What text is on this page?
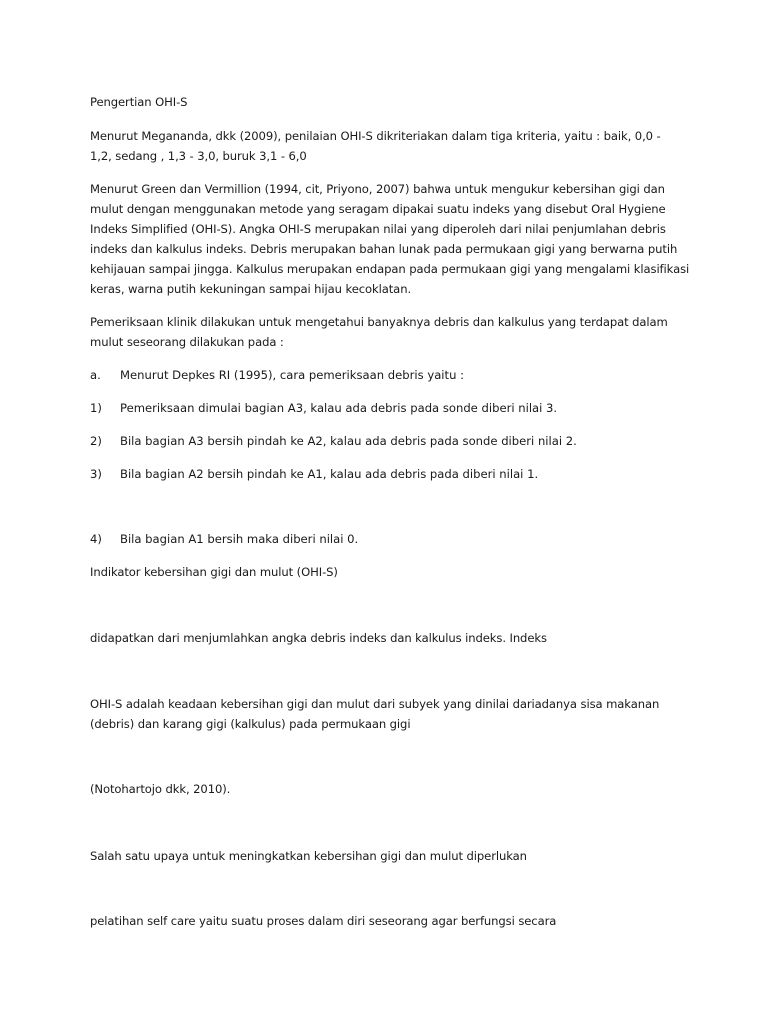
Pengertian OHI-S
Menurut Megananda, dkk (2009), penilaian OHI-S dikriteriakan dalam tiga kriteria, yaitu : baik, 0,0 -
1,2, sedang , 1,3 - 3,0, buruk 3,1 - 6,0
Menurut Green dan Vermillion (1994, cit, Priyono, 2007) bahwa untuk mengukur kebersihan gigi dan
mulut dengan menggunakan metode yang seragam dipakai suatu indeks yang disebut Oral Hygiene
Indeks Simplified (OHI-S). Angka OHI-S merupakan nilai yang diperoleh dari nilai penjumlahan debris
indeks dan kalkulus indeks. Debris merupakan bahan lunak pada permukaan gigi yang berwarna putih
kehijauan sampai jingga. Kalkulus merupakan endapan pada permukaan gigi yang mengalami klasifikasi
keras, warna putih kekuningan sampai hijau kecoklatan.
Pemeriksaan klinik dilakukan untuk mengetahui banyaknya debris dan kalkulus yang terdapat dalam
mulut seseorang dilakukan pada :
a. Menurut Depkes RI (1995), cara pemeriksaan debris yaitu :
1) Pemeriksaan dimulai bagian A3, kalau ada debris pada sonde diberi nilai 3.
2) Bila bagian A3 bersih pindah ke A2, kalau ada debris pada sonde diberi nilai 2.
3) Bila bagian A2 bersih pindah ke A1, kalau ada debris pada diberi nilai 1.
4) Bila bagian A1 bersih maka diberi nilai 0.
Indikator kebersihan gigi dan mulut (OHI-S)
didapatkan dari menjumlahkan angka debris indeks dan kalkulus indeks. Indeks
OHI-S adalah keadaan kebersihan gigi dan mulut dari subyek yang dinilai dariadanya sisa makanan
(debris) dan karang gigi (kalkulus) pada permukaan gigi
(Notohartojo dkk, 2010).
Salah satu upaya untuk meningkatkan kebersihan gigi dan mulut diperlukan
pelatihan self care yaitu suatu proses dalam diri seseorang agar berfungsi secara
